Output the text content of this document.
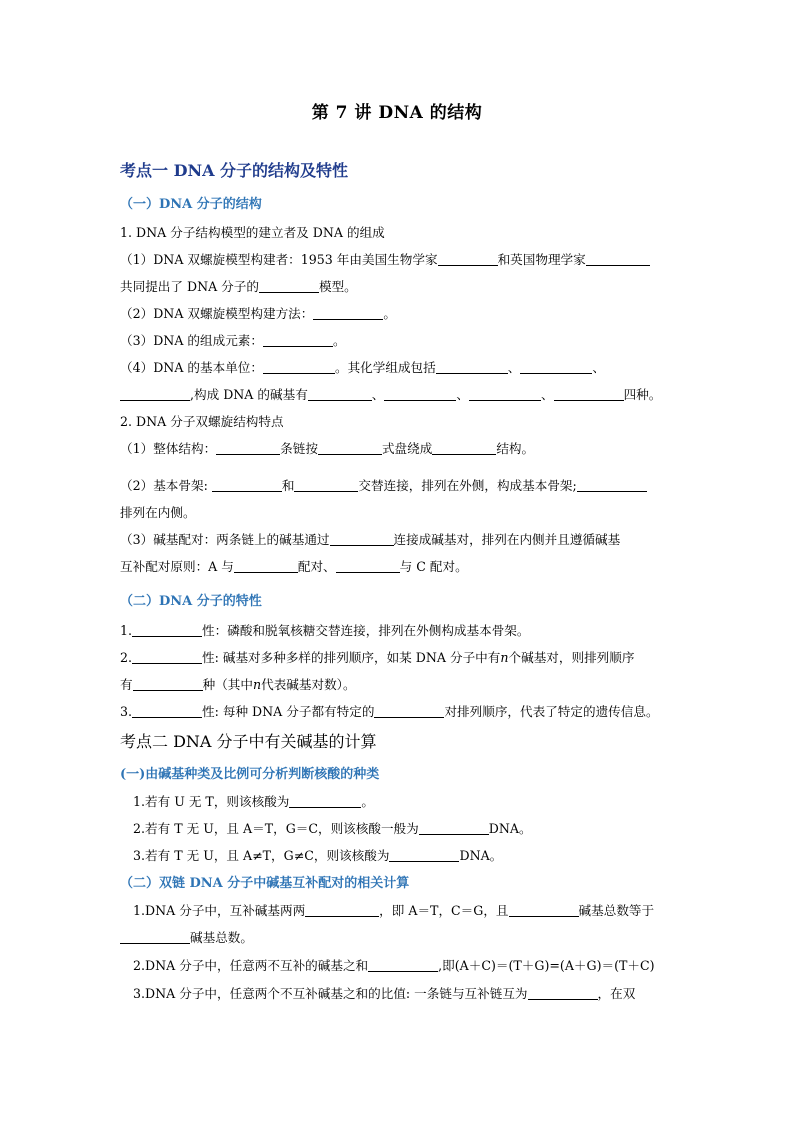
第 7 讲 DNA 的结构
考点一 DNA 分子的结构及特性
（一）DNA 分子的结构
1. DNA 分子结构模型的建立者及 DNA 的组成
（1）DNA 双螺旋模型构建者：1953 年由美国生物学家	和英国物理学家
共同提出了 DNA 分子的	模型。
（2）DNA 双螺旋模型构建方法：	。
（3）DNA 的组成元素：	。
（4）DNA 的基本单位：	。其化学组成包括	、	、
,构成 DNA 的碱基有	、	、	、	四种。
2. DNA 分子双螺旋结构特点
（1）整体结构：	条链按	式盘绕成	结构。
（2）基本骨架:	和	交替连接，排列在外侧，构成基本骨架;
排列在内侧。
（3）碱基配对：两条链上的碱基通过	连接成碱基对，排列在内侧并且遵循碱基
互补配对原则：A 与	配对、	与 C 配对。
（二）DNA 分子的特性
1.	性：磷酸和脱氧核糖交替连接，排列在外侧构成基本骨架。
2.	性: 碱基对多种多样的排列顺序，如某 DNA 分子中有n个碱基对，则排列顺序
有	种（其中n代表碱基对数）。
3.	性: 每种 DNA 分子都有特定的	对排列顺序，代表了特定的遗传信息。
考点二 DNA 分子中有关碱基的计算
(一)由碱基种类及比例可分析判断核酸的种类
1.若有 U 无 T，则该核酸为	。
2.若有 T 无 U，且 A＝T，G＝C，则该核酸一般为	DNA。
3.若有 T 无 U，且 A≠T，G≠C，则该核酸为	DNA。
（二）双链 DNA 分子中碱基互补配对的相关计算
1.DNA 分子中，互补碱基两两	，即 A＝T，C＝G，且	碱基总数等于
碱基总数。
2.DNA 分子中，任意两不互补的碱基之和	,即(A＋C)＝(T＋G)=(A＋G)＝(T＋C)
3.DNA 分子中，任意两个不互补碱基之和的比值: 一条链与互补链互为	，在双
